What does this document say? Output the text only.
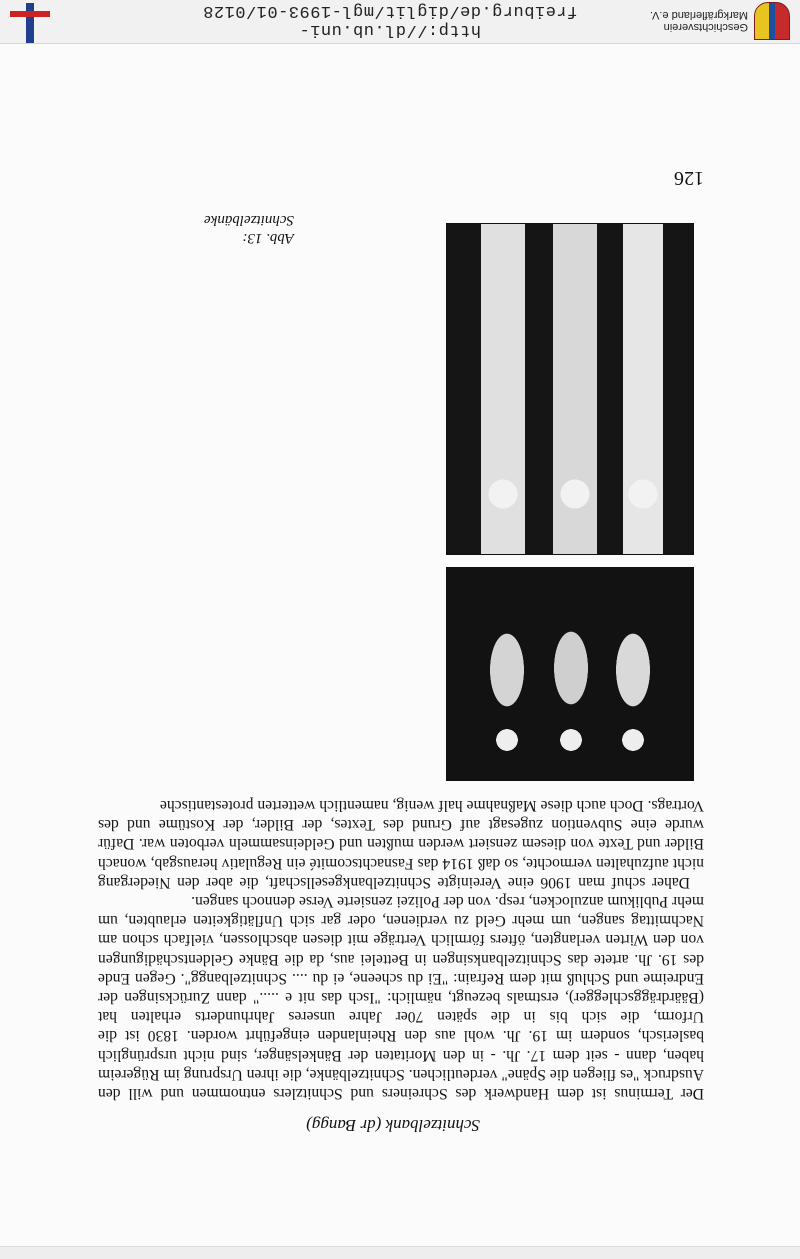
Schnitzelbank (dr Bangg)

Der Terminus ist dem Handwerk des Schreiners und Schnitzlers entnommen und will den Ausdruck "es fliegen die Späne" verdeutlichen. Schnitzelbänke, die ihren Ursprung im Rügereim haben, dann - seit dem 17. Jh. - in den Moritaten der Bänkelsänger, sind nicht ursprünglich baslerisch, sondern im 19. Jh. wohl aus den Rheinlanden eingeführt worden. 1830 ist die Urform, die sich bis in die späten 70er Jahre unseres Jahrhunderts erhalten hat (Bäärdräggschlegger), erstmals bezeugt, nämlich: "Isch das nit e ....." dann Zurücksingen der Endreime und Schluß mit dem Refrain: "Ei du scheene, ei du .... Schnitzelbangg". Gegen Ende des 19. Jh. artete das Schnitzelbanksingen in Bettelei aus, da die Bänke Geldentschädigungen von den Wirten verlangten, öfters förmlich Verträge mit diesen abschlossen, vielfach schon am Nachmittag sangen, um mehr Geld zu verdienen, oder gar sich Unflätigkeiten erlaubten, um mehr Publikum anzulocken, resp. von der Polizei zensierte Verse dennoch sangen.

Daher schuf man 1906 eine Vereinigte Schnitzelbankgesellschaft, die aber den Niedergang nicht aufzuhalten vermochte, so daß 1914 das Fasnachtscomité ein Regulativ herausgab, wonach Bilder und Texte von diesem zensiert werden mußten und Geldeinsammeln verboten war. Dafür wurde eine Subvention zugesagt auf Grund des Textes, der Bilder, der Kostüme und des Vortrags. Doch auch diese Maßnahme half wenig, namentlich wetterten protestantische

Abb. 13:
Schnitzelbänke
126
Geschichtsverein
Markgräflerland e.V.
http://dl.ub.uni-freiburg.de/diglit/mgl-1993-01/0128
